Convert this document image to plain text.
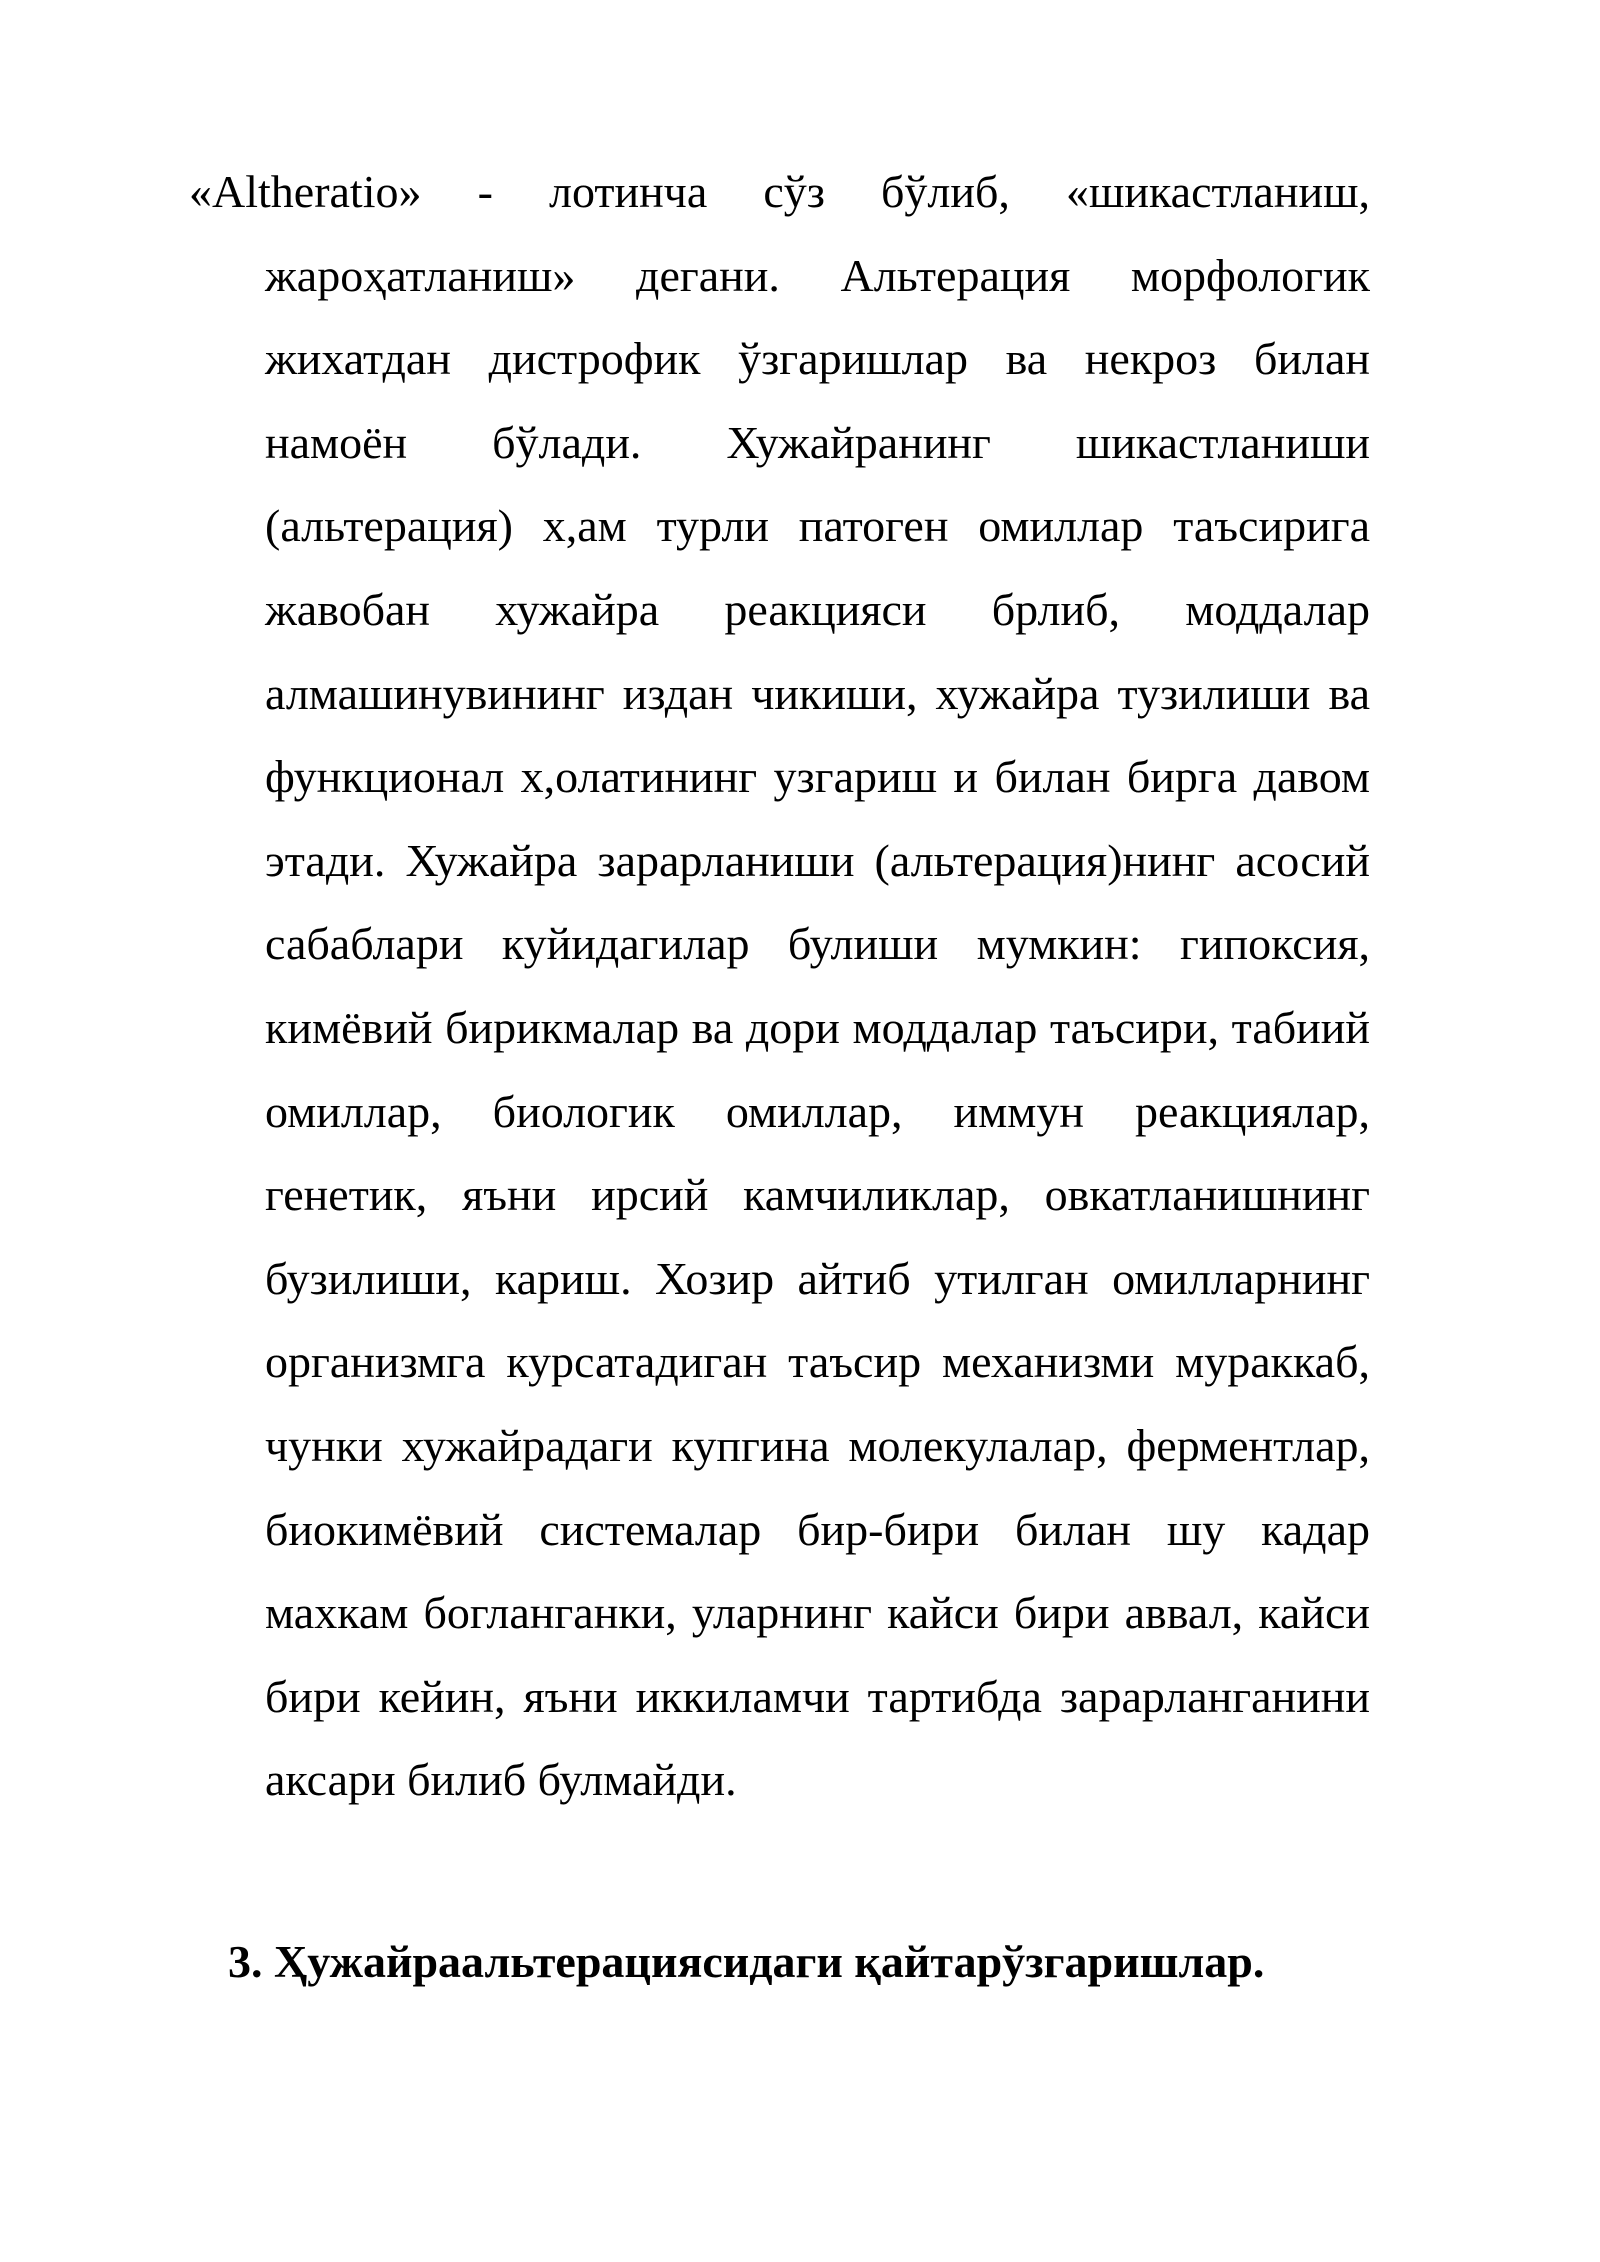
«Altheratio» - лотинча сўз бўлиб, «шикастланиш, жароҳатланиш» дегани. Альтерация морфологик жихатдан дистрофик ўзгаришлар ва некроз билан намоён бўлади. Хужайранинг шикастланиши (альтерация) х,ам турли патоген омиллар таъсирига жавобан хужайра реакцияси брлиб, моддалар алмашинувининг издан чикиши, хужайра тузилиши ва функционал х,олатининг узгариш и билан бирга давом этади. Хужайра зарарланиши (альтерация)нинг асосий сабаблари куйидагилар булиши мумкин: гипоксия, кимёвий бирикмалар ва дори моддалар таъсири, табиий омиллар, биологик омиллар, иммун реакциялар, генетик, яъни ирсий камчиликлар, овкатланишнинг бузилиши, кариш. Хозир айтиб утилган омилларнинг организмга курсатадиган таъсир механизми мураккаб, чунки хужайрадаги купгина молекулалар, ферментлар, биокимёвий системалар бир-бири билан шу кадар махкам богланганки, уларнинг кайси бири аввал, кайси бири кейин, яъни иккиламчи тартибда зарарланганини аксари билиб булмайди.

3. Ҳужайраальтерациясидаги қайтарўзгаришлар.
